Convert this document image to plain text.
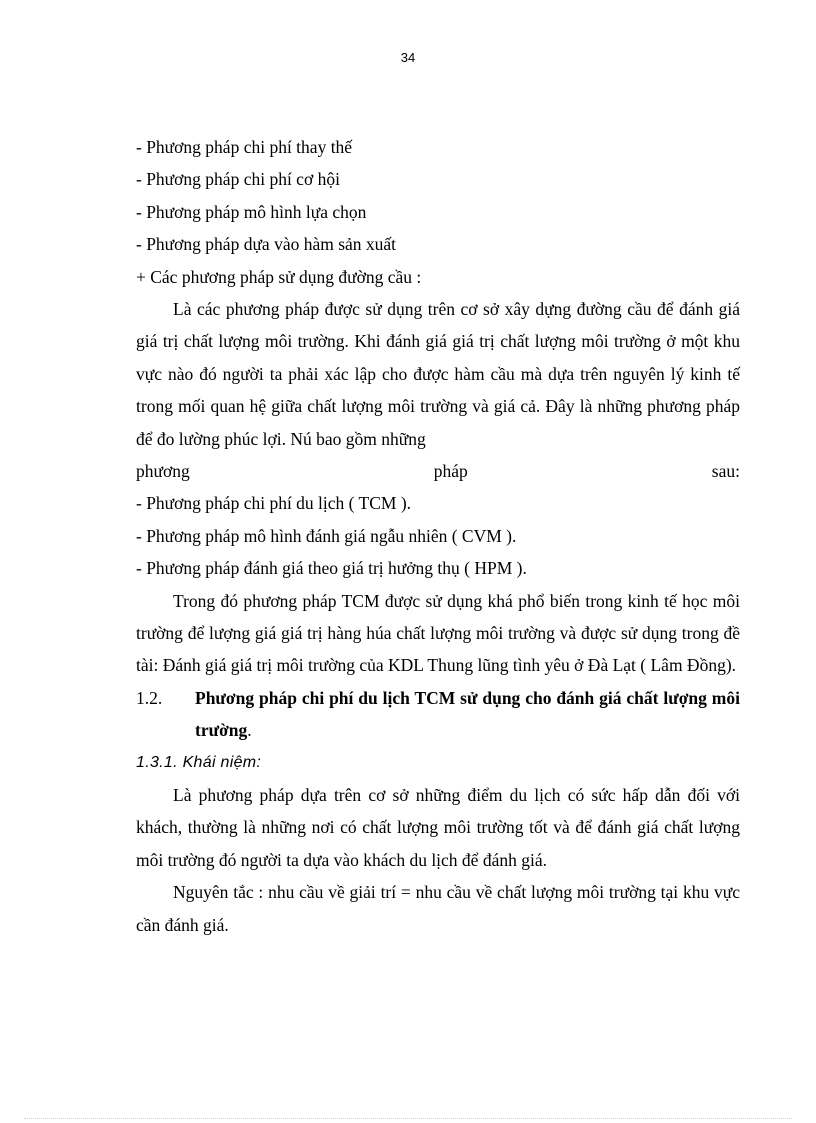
34
- Phương pháp chi phí thay thế
- Phương pháp chi phí cơ hội
- Phương pháp mô hình lựa chọn
- Phương pháp dựa vào hàm sản xuất
+ Các phương pháp sử dụng đường cầu :
Là các phương pháp được sử dụng trên cơ sở xây dựng đường cầu để đánh giá giá trị chất lượng môi trường. Khi đánh giá giá trị chất lượng môi trường ở một khu vực nào đó người ta phải xác lập cho được hàm cầu mà dựa trên nguyên lý kinh tế trong mối quan hệ giữa chất lượng môi trường và giá cả. Đây là những phương pháp để đo lường phúc lợi. Nú bao gồm những
phương	pháp	sau:
- Phương pháp chi phí du lịch ( TCM ).
- Phương pháp mô hình đánh giá ngẫu nhiên ( CVM ).
- Phương pháp đánh giá theo giá trị hưởng thụ ( HPM ).
Trong đó phương pháp TCM được sử dụng khá phổ biến trong kinh tế học môi trường để lượng giá giá trị hàng húa chất lượng môi trường và được sử dụng trong đề tài: Đánh giá giá trị môi trường của KDL Thung lũng tình yêu ở Đà Lạt ( Lâm Đồng).
1.2.	Phương pháp chi phí du lịch TCM sử dụng cho đánh giá chất lượng môi trường.
1.3.1. Khái niệm:
Là phương pháp dựa trên cơ sở những điểm du lịch có sức hấp dẫn đối với khách, thường là những nơi có chất lượng môi trường tốt và để đánh giá chất lượng môi trường đó người ta dựa vào khách du lịch để đánh giá.
Nguyên tắc : nhu cầu về giải trí = nhu cầu về chất lượng môi trường tại khu vực cần đánh giá.
